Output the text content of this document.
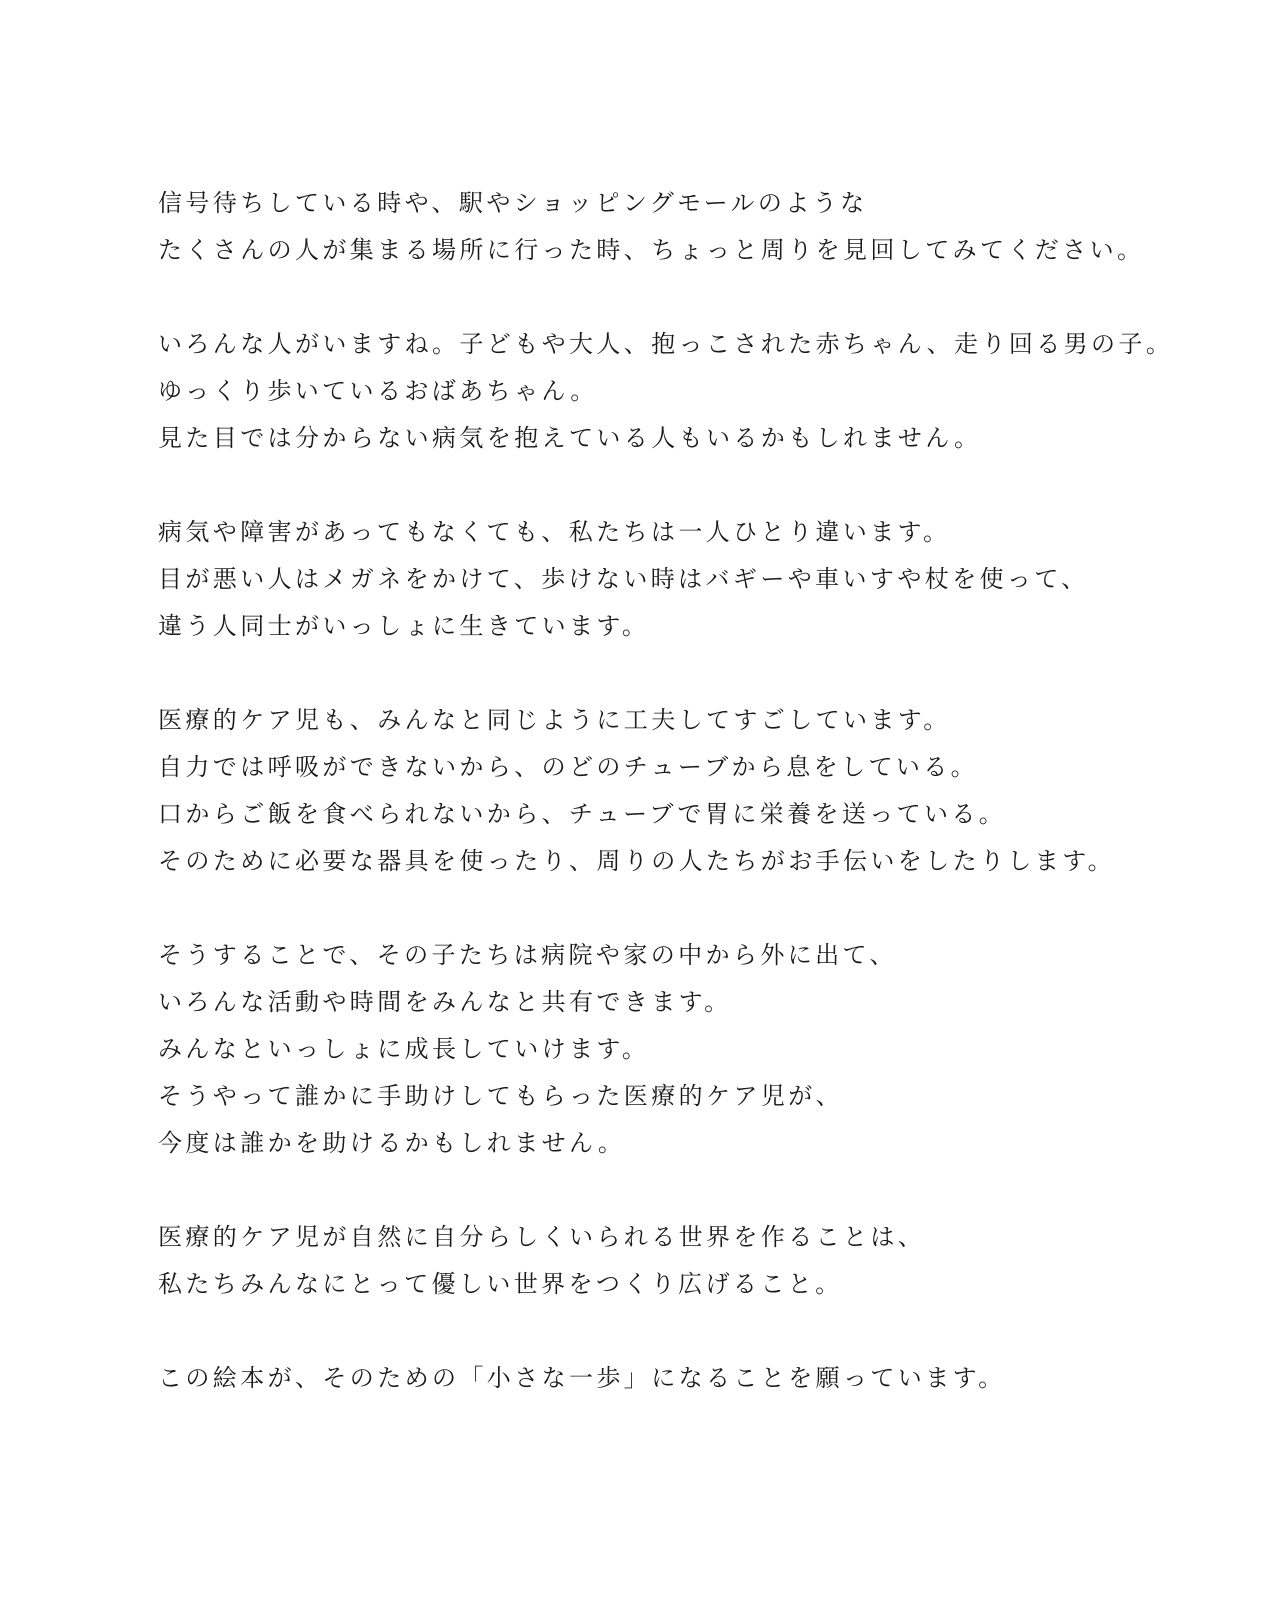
信号待ちしている時や、駅やショッピングモールのような
たくさんの人が集まる場所に行った時、ちょっと周りを見回してみてください。

いろんな人がいますね。子どもや大人、抱っこされた赤ちゃん、走り回る男の子。
ゆっくり歩いているおばあちゃん。
見た目では分からない病気を抱えている人もいるかもしれません。

病気や障害があってもなくても、私たちは一人ひとり違います。
目が悪い人はメガネをかけて、歩けない時はバギーや車いすや杖を使って、
違う人同士がいっしょに生きています。

医療的ケア児も、みんなと同じように工夫してすごしています。
自力では呼吸ができないから、のどのチューブから息をしている。
口からご飯を食べられないから、チューブで胃に栄養を送っている。
そのために必要な器具を使ったり、周りの人たちがお手伝いをしたりします。

そうすることで、その子たちは病院や家の中から外に出て、
いろんな活動や時間をみんなと共有できます。
みんなといっしょに成長していけます。
そうやって誰かに手助けしてもらった医療的ケア児が、
今度は誰かを助けるかもしれません。

医療的ケア児が自然に自分らしくいられる世界を作ることは、
私たちみんなにとって優しい世界をつくり広げること。

この絵本が、そのための「小さな一歩」になることを願っています。
